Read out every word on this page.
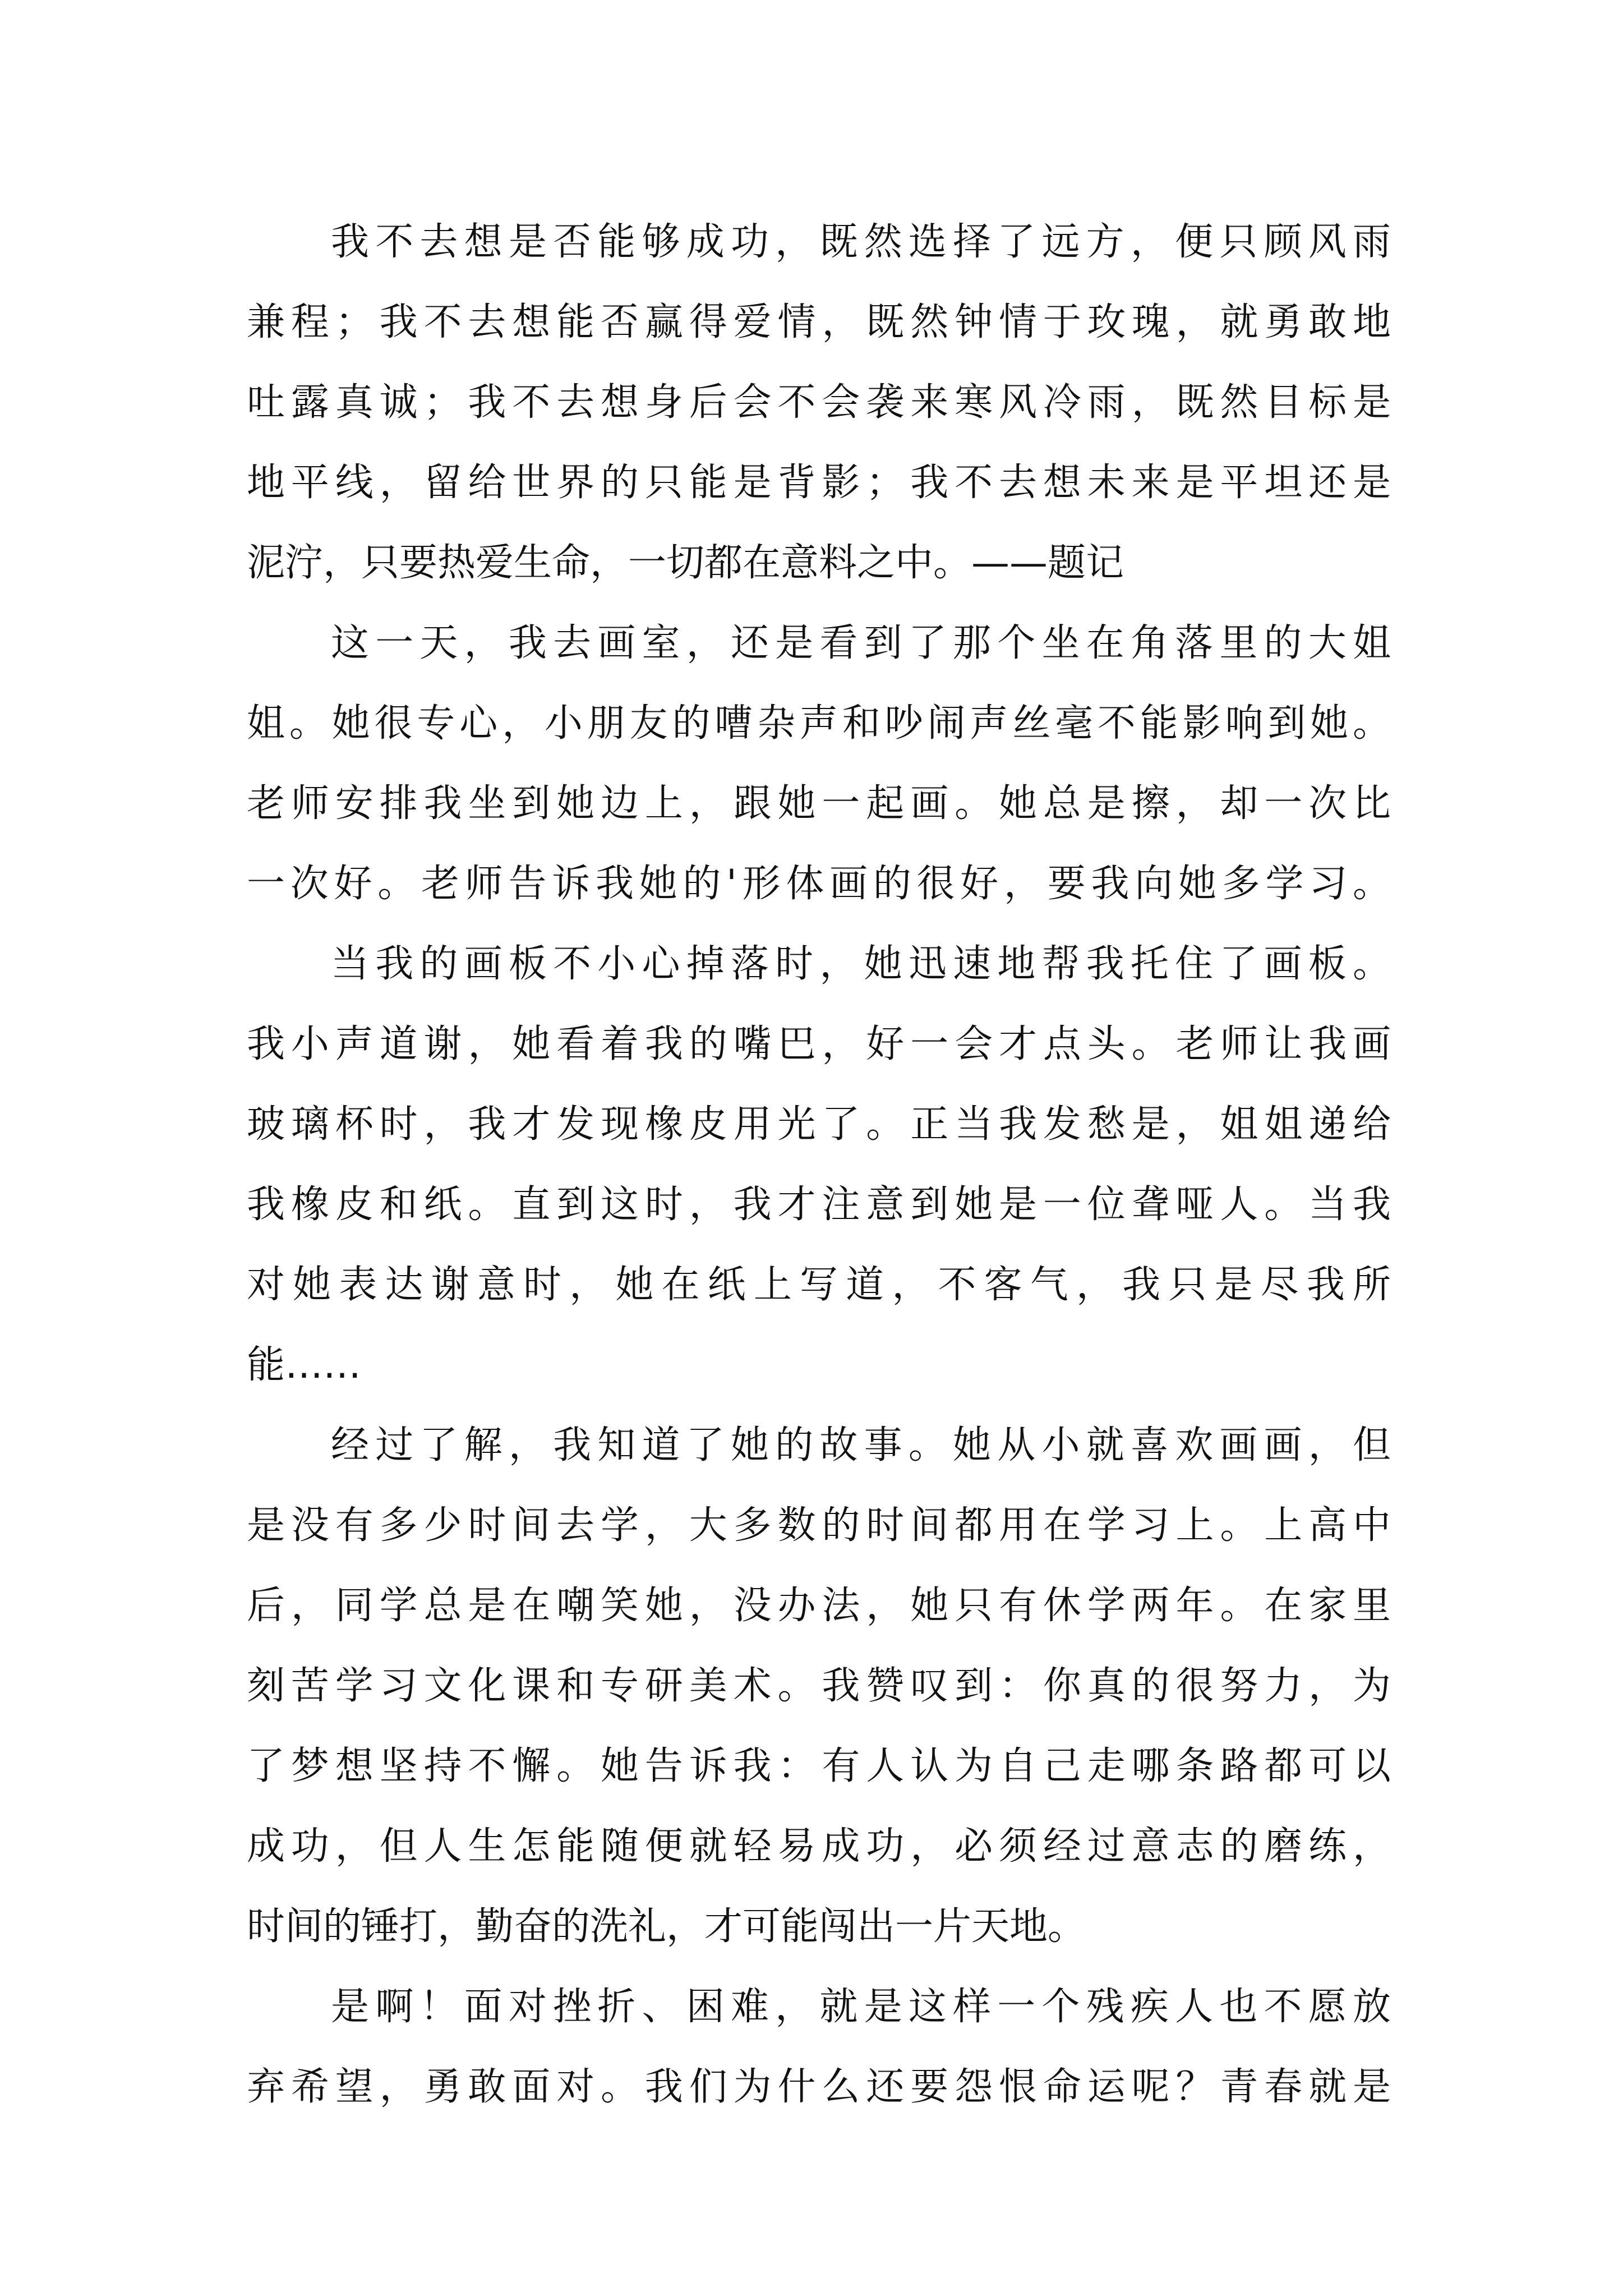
我不去想是否能够成功，既然选择了远方，便只顾风雨
兼程；我不去想能否赢得爱情，既然钟情于玫瑰，就勇敢地
吐露真诚；我不去想身后会不会袭来寒风冷雨，既然目标是
地平线，留给世界的只能是背影；我不去想未来是平坦还是
泥泞，只要热爱生命，一切都在意料之中。——题记
这一天，我去画室，还是看到了那个坐在角落里的大姐
姐。她很专心，小朋友的嘈杂声和吵闹声丝毫不能影响到她。
老师安排我坐到她边上，跟她一起画。她总是擦，却一次比
一次好。老师告诉我她的'形体画的很好，要我向她多学习。
当我的画板不小心掉落时，她迅速地帮我托住了画板。
我小声道谢，她看着我的嘴巴，好一会才点头。老师让我画
玻璃杯时，我才发现橡皮用光了。正当我发愁是，姐姐递给
我橡皮和纸。直到这时，我才注意到她是一位聋哑人。当我
对她表达谢意时，她在纸上写道，不客气，我只是尽我所
能……
经过了解，我知道了她的故事。她从小就喜欢画画，但
是没有多少时间去学，大多数的时间都用在学习上。上高中
后，同学总是在嘲笑她，没办法，她只有休学两年。在家里
刻苦学习文化课和专研美术。我赞叹到：你真的很努力，为
了梦想坚持不懈。她告诉我：有人认为自己走哪条路都可以
成功，但人生怎能随便就轻易成功，必须经过意志的磨练，
时间的锤打，勤奋的洗礼，才可能闯出一片天地。
是啊！面对挫折、困难，就是这样一个残疾人也不愿放
弃希望，勇敢面对。我们为什么还要怨恨命运呢？青春就是
